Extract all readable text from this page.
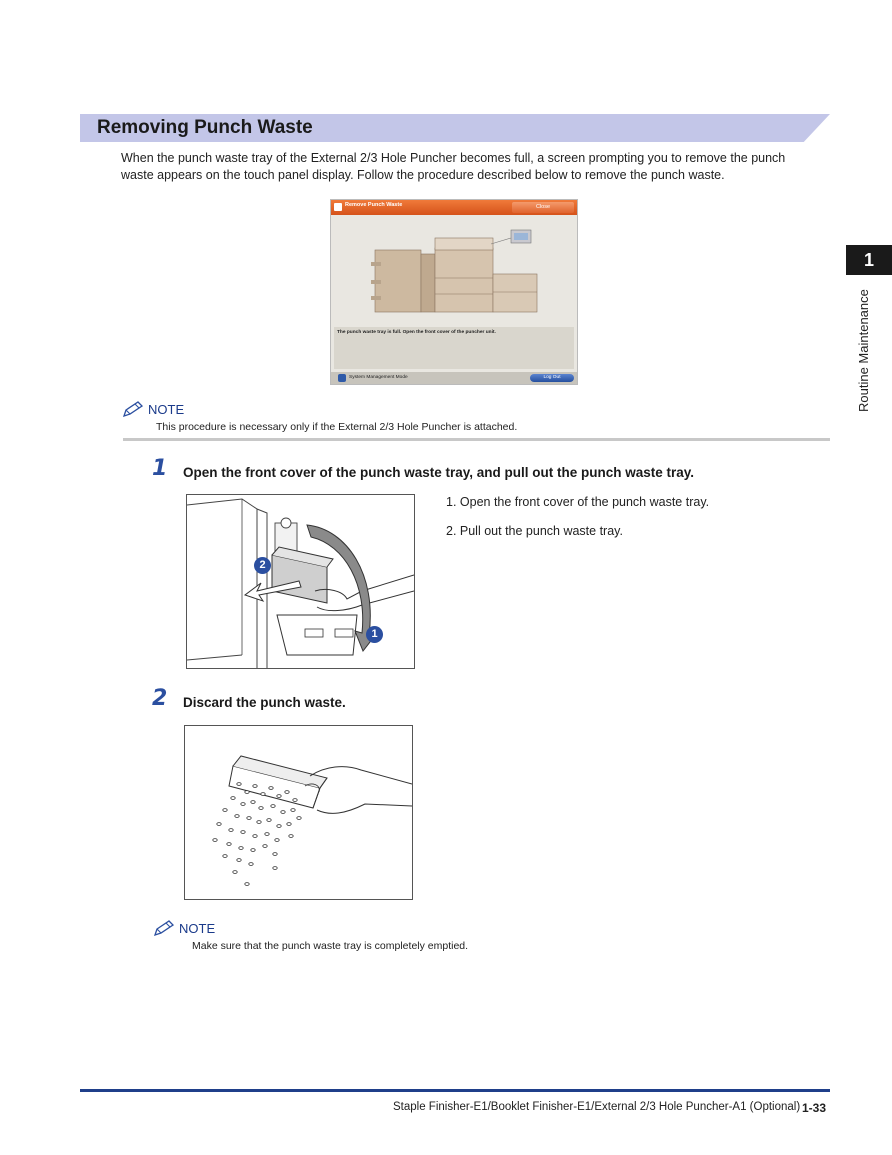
Removing Punch Waste
When the punch waste tray of the External 2/3 Hole Puncher becomes full, a screen prompting you to remove the punch waste appears on the touch panel display. Follow the procedure described below to remove the punch waste.
Remove Punch Waste	Close
The punch waste tray is full. Open the front cover of the puncher unit.
System Management Mode	Log Out
NOTE
This procedure is necessary only if the External 2/3 Hole Puncher is attached.
1 Open the front cover of the punch waste tray, and pull out the punch waste tray.
2
1
1. Open the front cover of the punch waste tray.
2. Pull out the punch waste tray.
2 Discard the punch waste.
NOTE
Make sure that the punch waste tray is completely emptied.
1
Routine Maintenance
Staple Finisher-E1/Booklet Finisher-E1/External 2/3 Hole Puncher-A1 (Optional) 1-33
